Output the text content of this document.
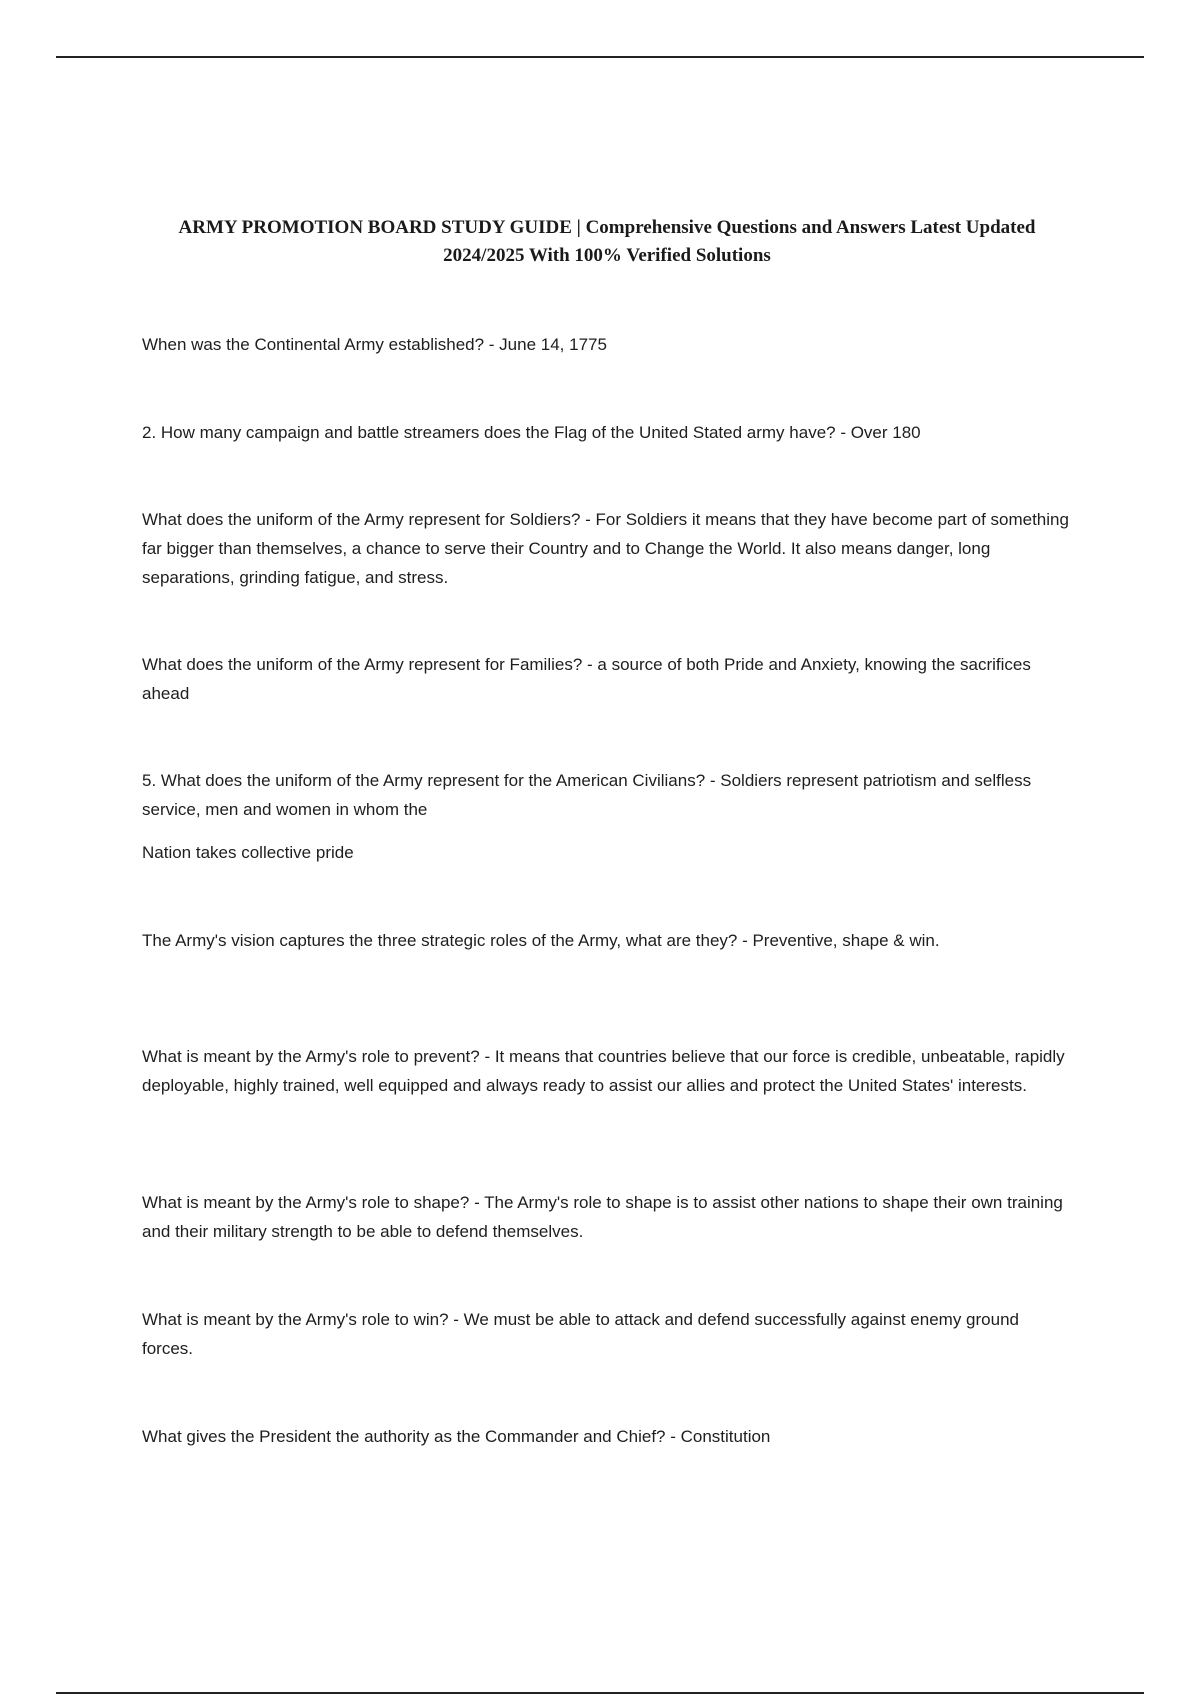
ARMY PROMOTION BOARD STUDY GUIDE | Comprehensive Questions and Answers Latest Updated 2024/2025 With 100% Verified Solutions

When was the Continental Army established? - June 14, 1775

2. How many campaign and battle streamers does the Flag of the United Stated army have? - Over 180

What does the uniform of the Army represent for Soldiers? - For Soldiers it means that they have become part of something far bigger than themselves, a chance to serve their Country and to Change the World. It also means danger, long separations, grinding fatigue, and stress.

What does the uniform of the Army represent for Families? - a source of both Pride and Anxiety, knowing the sacrifices ahead

5. What does the uniform of the Army represent for the American Civilians? - Soldiers represent patriotism and selfless service, men and women in whom the

Nation takes collective pride

The Army's vision captures the three strategic roles of the Army, what are they? - Preventive, shape & win.

What is meant by the Army's role to prevent? - It means that countries believe that our force is credible, unbeatable, rapidly deployable, highly trained, well equipped and always ready to assist our allies and protect the United States' interests.

What is meant by the Army's role to shape? - The Army's role to shape is to assist other nations to shape their own training and their military strength to be able to defend themselves.

What is meant by the Army's role to win? - We must be able to attack and defend successfully against enemy ground forces.

What gives the President the authority as the Commander and Chief? - Constitution
